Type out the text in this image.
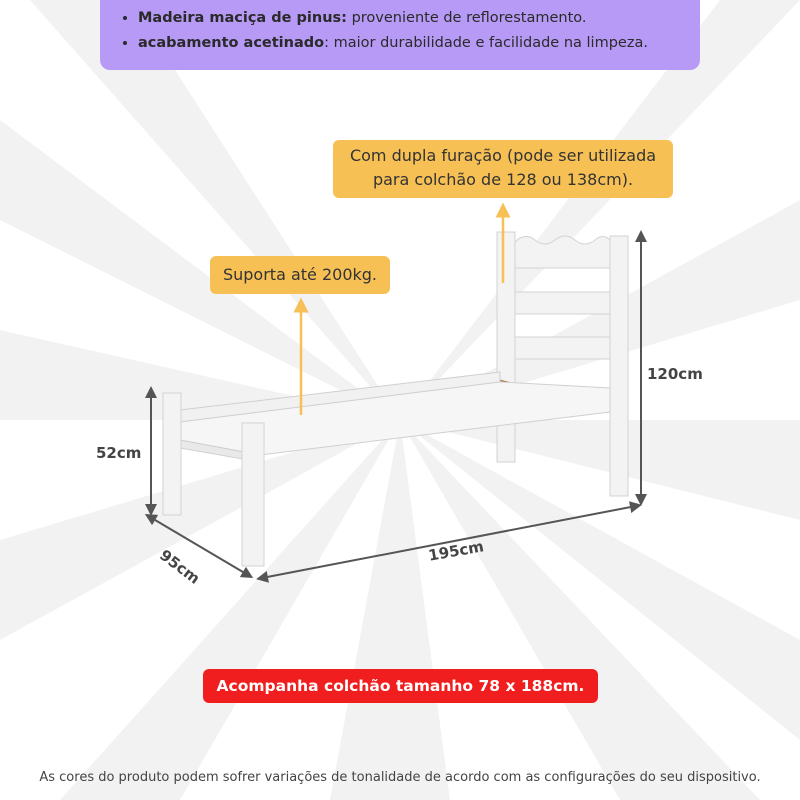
• Madeira maciça de pinus: proveniente de reflorestamento.
• acabamento acetinado: maior durabilidade e facilidade na limpeza.
Com dupla furação (pode ser utilizada
para colchão de 128 ou 138cm).
Suporta até 200kg.
52cm
120cm
95cm	195cm
Acompanha colchão tamanho 78 x 188cm.
As cores do produto podem sofrer variações de tonalidade de acordo com as configurações do seu dispositivo.
